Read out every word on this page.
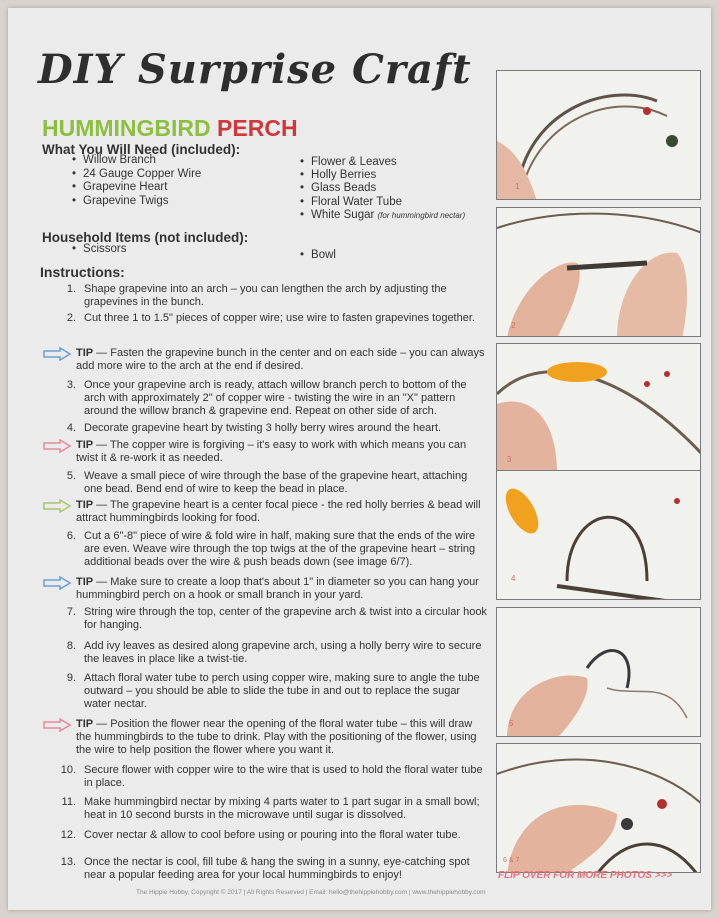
DIY Surprise Craft
HUMMINGBIRD PERCH
What You Will Need (included):
• Willow Branch
• 24 Gauge Copper Wire
• Grapevine Heart
• Grapevine Twigs
• Flower & Leaves
• Holly Berries
• Glass Beads
• Floral Water Tube
• White Sugar (for hummingbird nectar)
Household Items (not included):
• Scissors
•	Bowl
Instructions:
1. Shape grapevine into an arch – you can lengthen the arch by adjusting the grapevines in the bunch.
2. Cut three 1 to 1.5" pieces of copper wire; use wire to fasten grapevines together.
TIP — Fasten the grapevine bunch in the center and on each side – you can always add more wire to the arch at the end if desired.
3. Once your grapevine arch is ready, attach willow branch perch to bottom of the arch with approximately 2" of copper wire - twisting the wire in an "X" pattern around the willow branch & grapevine end. Repeat on other side of arch.
4. Decorate grapevine heart by twisting 3 holly berry wires around the heart.
TIP — The copper wire is forgiving – it's easy to work with which means you can twist it & re-work it as needed.
5. Weave a small piece of wire through the base of the grapevine heart, attaching one bead. Bend end of wire to keep the bead in place.
TIP — The grapevine heart is a center focal piece - the red holly berries & bead will attract hummingbirds looking for food.
6. Cut a 6"-8" piece of wire & fold wire in half, making sure that the ends of the wire are even. Weave wire through the top twigs at the of the grapevine heart – string additional beads over the wire & push beads down (see image 6/7).
TIP — Make sure to create a loop that's about 1" in diameter so you can hang your hummingbird perch on a hook or small branch in your yard.
7. String wire through the top, center of the grapevine arch & twist into a circular hook for hanging.
8. Add ivy leaves as desired along grapevine arch, using a holly berry wire to secure the leaves in place like a twist-tie.
9. Attach floral water tube to perch using copper wire, making sure to angle the tube outward – you should be able to slide the tube in and out to replace the sugar water nectar.
TIP — Position the flower near the opening of the floral water tube – this will draw the hummingbirds to the tube to drink. Play with the positioning of the flower, using the wire to help position the flower where you want it.
10. Secure flower with copper wire to the wire that is used to hold the floral water tube in place.
11. Make hummingbird nectar by mixing 4 parts water to 1 part sugar in a small bowl; heat in 10 second bursts in the microwave until sugar is dissolved.
12. Cover nectar & allow to cool before using or pouring into the floral water tube.
13. Once the nectar is cool, fill tube & hang the swing in a sunny, eye-catching spot near a popular feeding area for your local hummingbirds to enjoy!
1
2
3
4
5
6 & 7
FLIP OVER FOR MORE PHOTOS >>>
The Hippie Hobby, Copyright © 2017 | All Rights Reserved | Email: hello@thehippiehobby.com | www.thehippiehobby.com
